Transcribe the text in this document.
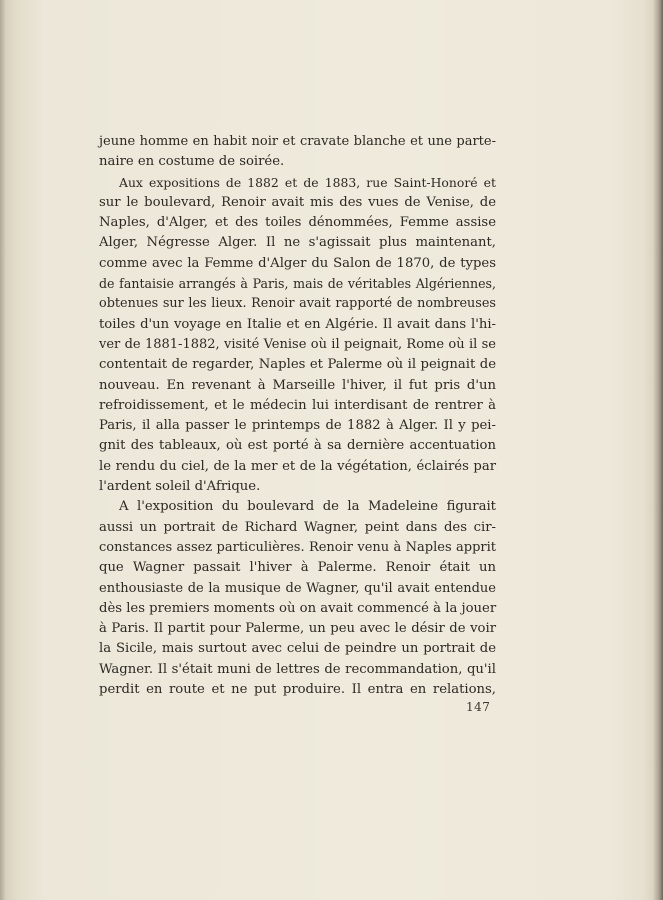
jeune homme en habit noir et cravate blanche et une parte-
naire en costume de soirée.
Aux expositions de 1882 et de 1883, rue Saint-Honoré et
sur le boulevard, Renoir avait mis des vues de Venise, de
Naples, d'Alger, et des toiles dénommées, Femme assise
Alger, Négresse Alger. Il ne s'agissait plus maintenant,
comme avec la Femme d'Alger du Salon de 1870, de types
de fantaisie arrangés à Paris, mais de véritables Algériennes,
obtenues sur les lieux. Renoir avait rapporté de nombreuses
toiles d'un voyage en Italie et en Algérie. Il avait dans l'hi-
ver de 1881-1882, visité Venise où il peignait, Rome où il se
contentait de regarder, Naples et Palerme où il peignait de
nouveau. En revenant à Marseille l'hiver, il fut pris d'un
refroidissement, et le médecin lui interdisant de rentrer à
Paris, il alla passer le printemps de 1882 à Alger. Il y pei-
gnit des tableaux, où est porté à sa dernière accentuation
le rendu du ciel, de la mer et de la végétation, éclairés par
l'ardent soleil d'Afrique.
A l'exposition du boulevard de la Madeleine figurait
aussi un portrait de Richard Wagner, peint dans des cir-
constances assez particulières. Renoir venu à Naples apprit
que Wagner passait l'hiver à Palerme. Renoir était un
enthousiaste de la musique de Wagner, qu'il avait entendue
dès les premiers moments où on avait commencé à la jouer
à Paris. Il partit pour Palerme, un peu avec le désir de voir
la Sicile, mais surtout avec celui de peindre un portrait de
Wagner. Il s'était muni de lettres de recommandation, qu'il
perdit en route et ne put produire. Il entra en relations,
147
